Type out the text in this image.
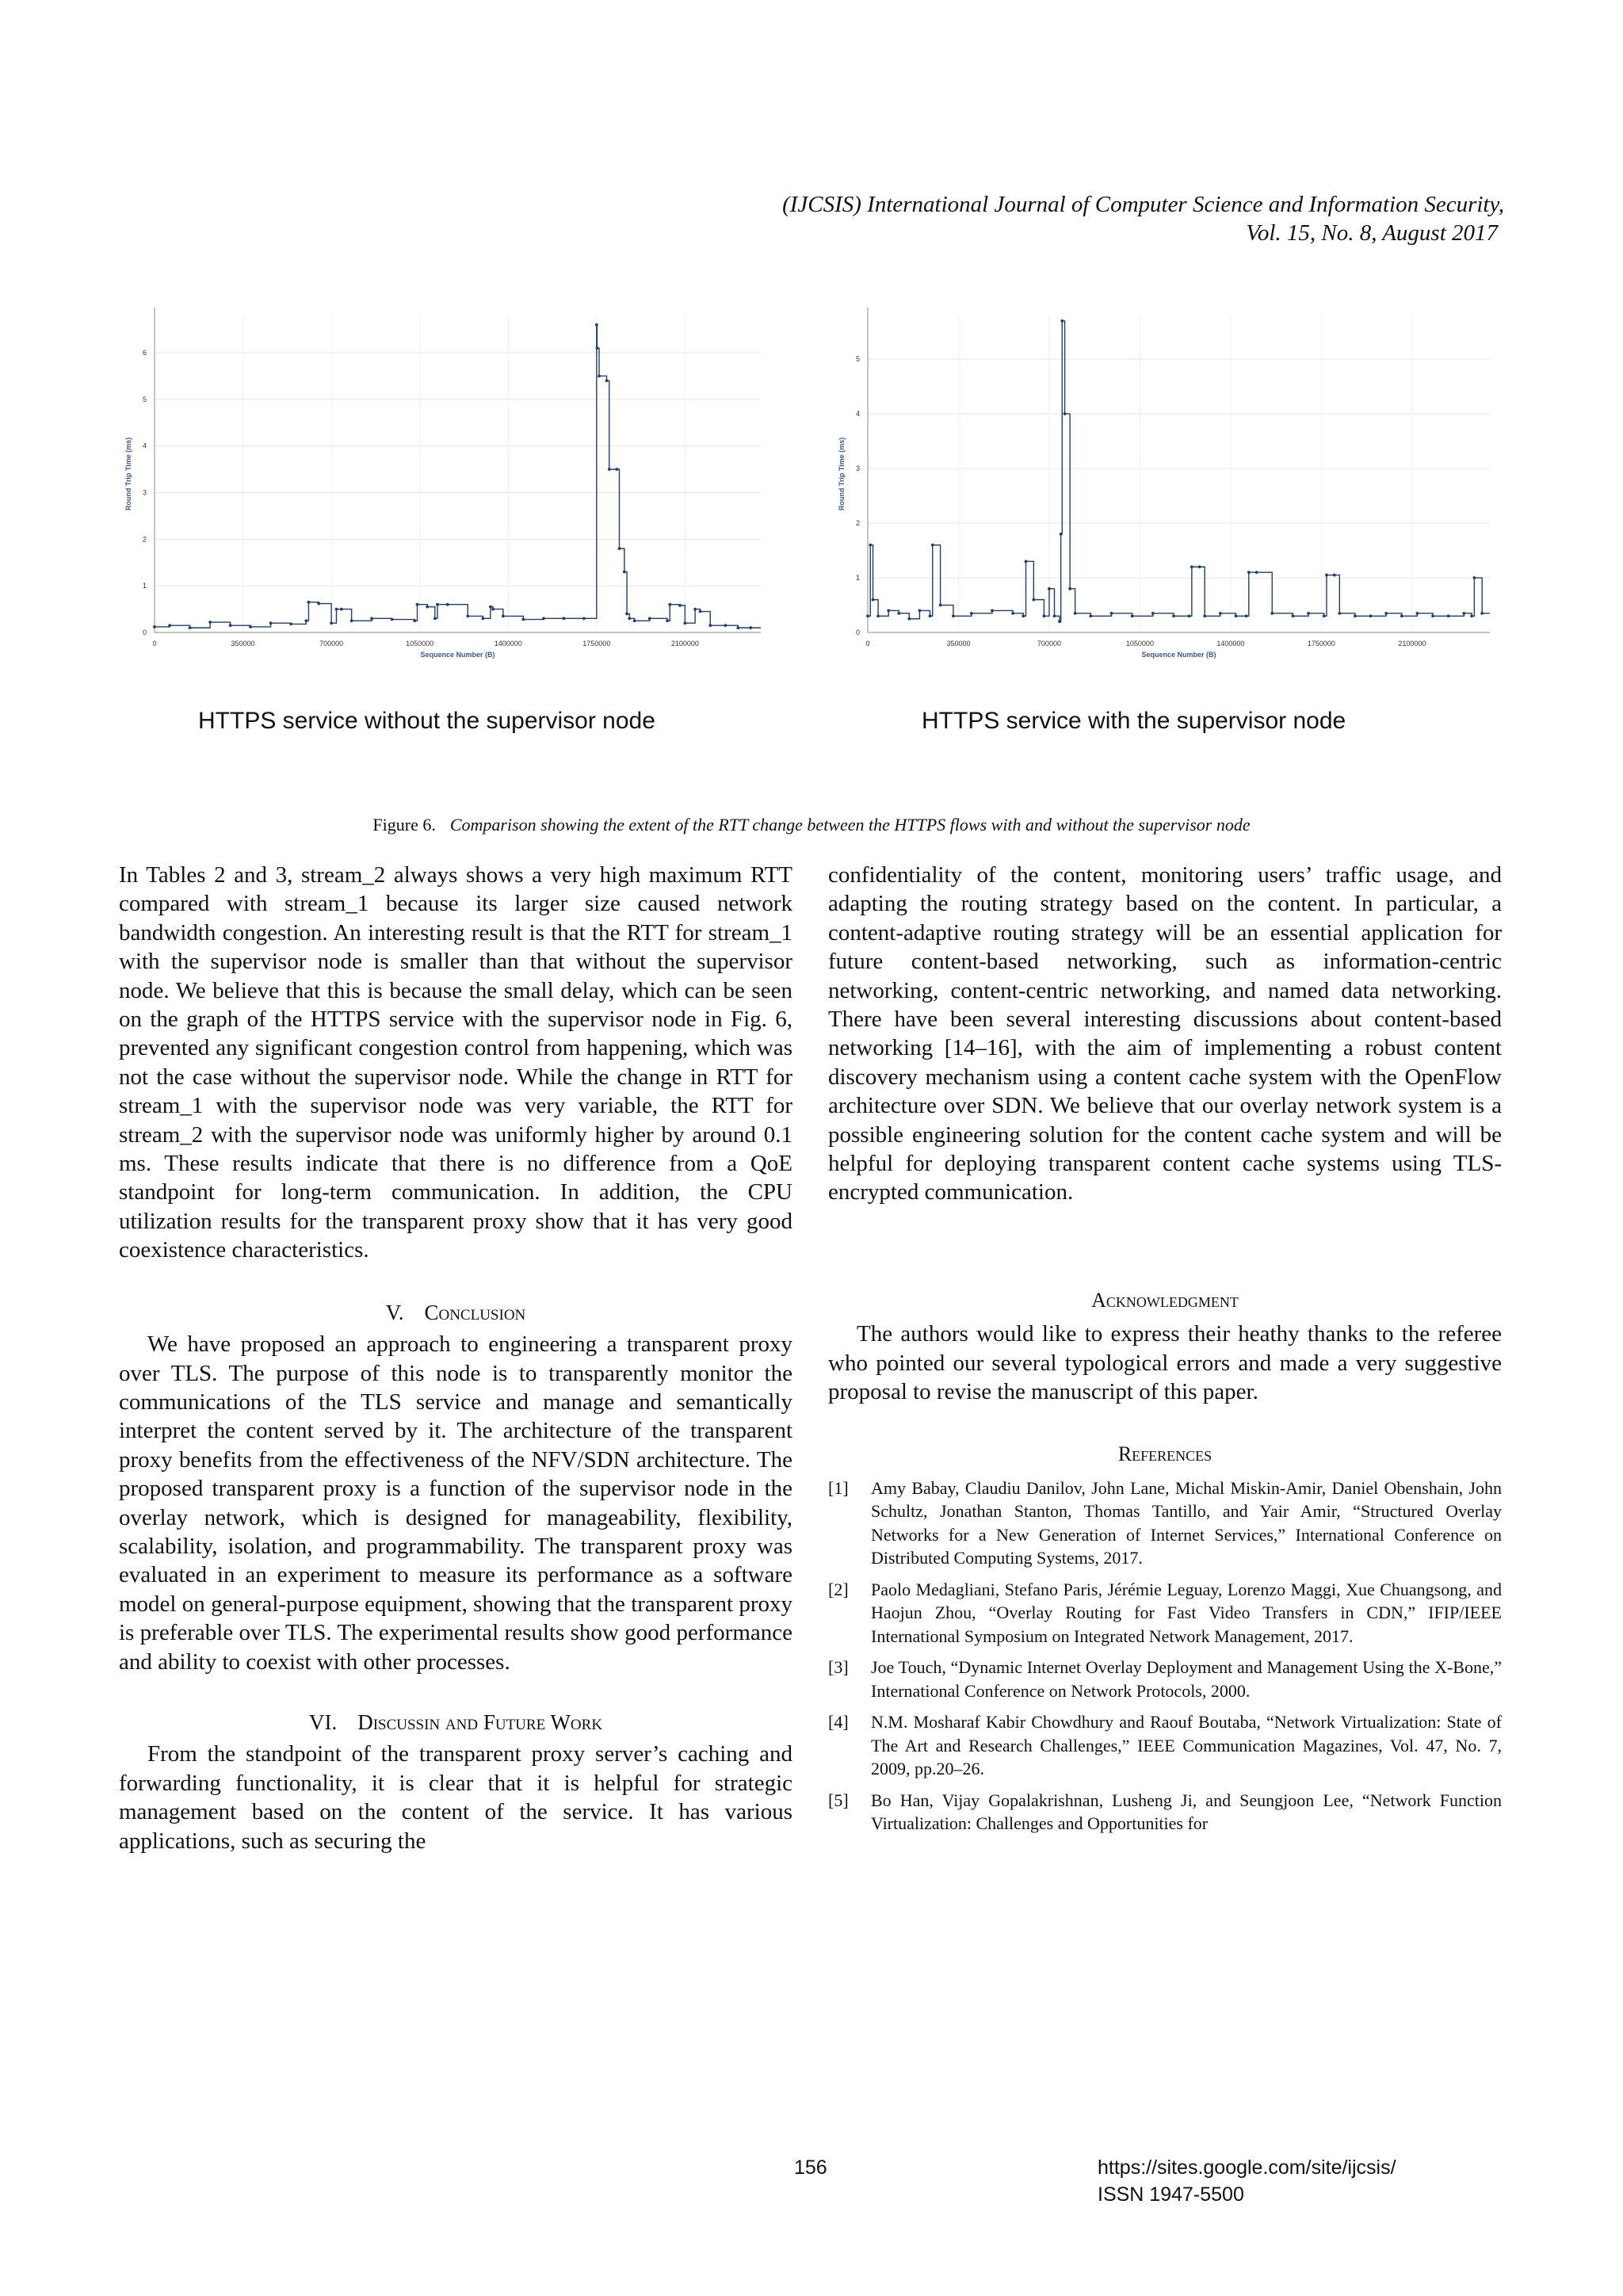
(IJCSIS) International Journal of Computer Science and Information Security,
Vol. 15, No. 8, August 2017
0
1
2
3
4
5
6
0	350000	700000	1050000	1400000	1750000	2100000
Sequence Number (B)
Round Trip Time (ms)
0
1
2
3
4
5
0	350000	700000	1050000	1400000	1750000	2100000
Sequence Number (B)
Round Trip Time (ms)
HTTPS service without the supervisor node	HTTPS service with the supervisor node
Figure 6. Comparison showing the extent of the RTT change between the HTTPS flows with and without the supervisor node

In Tables 2 and 3, stream_2 always shows a very high maximum RTT compared with stream_1 because its larger size caused network bandwidth congestion. An interesting result is that the RTT for stream_1 with the supervisor node is smaller than that without the supervisor node. We believe that this is because the small delay, which can be seen on the graph of the HTTPS service with the supervisor node in Fig. 6, prevented any significant congestion control from happening, which was not the case without the supervisor node. While the change in RTT for stream_1 with the supervisor node was very variable, the RTT for stream_2 with the supervisor node was uniformly higher by around 0.1 ms. These results indicate that there is no difference from a QoE standpoint for long-term communication. In addition, the CPU utilization results for the transparent proxy show that it has very good coexistence characteristics.

V. Conclusion

We have proposed an approach to engineering a transparent proxy over TLS. The purpose of this node is to transparently monitor the communications of the TLS service and manage and semantically interpret the content served by it. The architecture of the transparent proxy benefits from the effectiveness of the NFV/SDN architecture. The proposed transparent proxy is a function of the supervisor node in the overlay network, which is designed for manageability, flexibility, scalability, isolation, and programmability. The transparent proxy was evaluated in an experiment to measure its performance as a software model on general-purpose equipment, showing that the transparent proxy is preferable over TLS. The experimental results show good performance and ability to coexist with other processes.

VI. Discussin and Future Work

From the standpoint of the transparent proxy server’s caching and forwarding functionality, it is clear that it is helpful for strategic management based on the content of the service. It has various applications, such as securing the

confidentiality of the content, monitoring users’ traffic usage, and adapting the routing strategy based on the content. In particular, a content-adaptive routing strategy will be an essential application for future content-based networking, such as information-centric networking, content-centric networking, and named data networking. There have been several interesting discussions about content-based networking [14–16], with the aim of implementing a robust content discovery mechanism using a content cache system with the OpenFlow architecture over SDN. We believe that our overlay network system is a possible engineering solution for the content cache system and will be helpful for deploying transparent content cache systems using TLS-encrypted communication.

Acknowledgment

The authors would like to express their heathy thanks to the referee who pointed our several typological errors and made a very suggestive proposal to revise the manuscript of this paper.

References
[1]	Amy Babay, Claudiu Danilov, John Lane, Michal Miskin-Amir, Daniel Obenshain, John Schultz, Jonathan Stanton, Thomas Tantillo, and Yair Amir, “Structured Overlay Networks for a New Generation of Internet Services,” International Conference on Distributed Computing Systems, 2017.
[2]	Paolo Medagliani, Stefano Paris, Jérémie Leguay, Lorenzo Maggi, Xue Chuangsong, and Haojun Zhou, “Overlay Routing for Fast Video Transfers in CDN,” IFIP/IEEE International Symposium on Integrated Network Management, 2017.
[3]	Joe Touch, “Dynamic Internet Overlay Deployment and Management Using the X-Bone,” International Conference on Network Protocols, 2000.
[4]	N.M. Mosharaf Kabir Chowdhury and Raouf Boutaba, “Network Virtualization: State of The Art and Research Challenges,” IEEE Communication Magazines, Vol. 47, No. 7, 2009, pp.20–26.
[5]	Bo Han, Vijay Gopalakrishnan, Lusheng Ji, and Seungjoon Lee, “Network Function Virtualization: Challenges and Opportunities for
156	https://sites.google.com/site/ijcsis/
ISSN 1947-5500
